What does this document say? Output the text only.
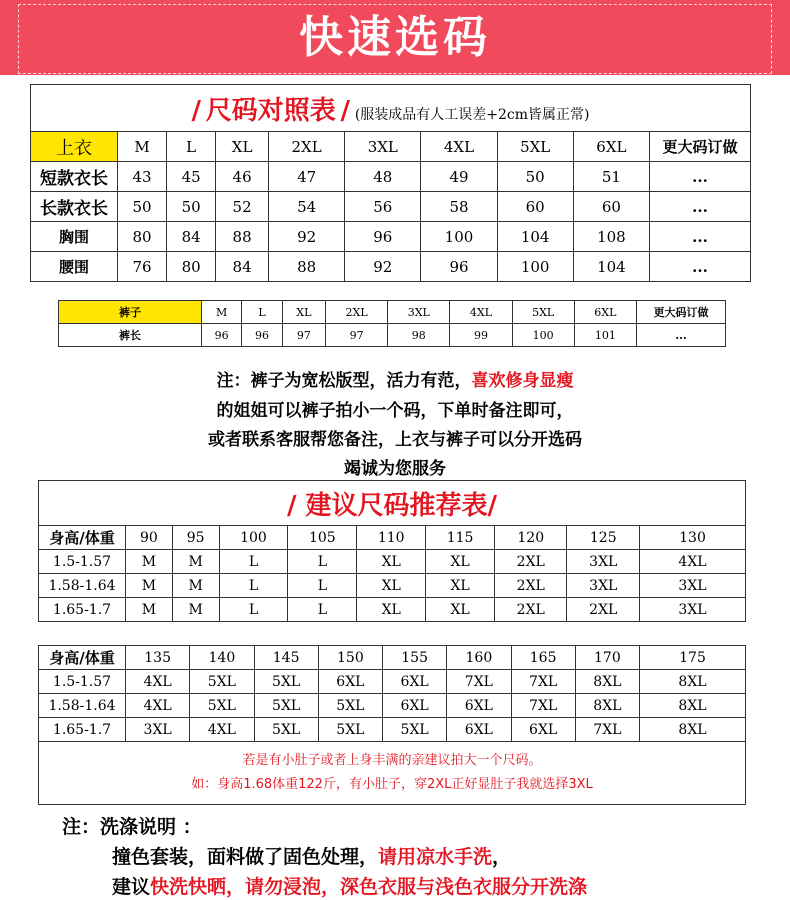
快速选码
/ 尺码对照表 / (服装成品有人工误差+2cm皆属正常)									
上衣	M	L	XL	2XL	3XL	4XL	5XL	6XL	更大码订做
短款衣长	43	45	46	47	48	49	50	51	...
长款衣长	50	50	52	54	56	58	60	60	...
胸围	80	84	88	92	96	100	104	108	...
腰围	76	80	84	88	92	96	100	104	...
裤子	M	L	XL	2XL	3XL	4XL	5XL	6XL	更大码订做
裤长	96	96	97	97	98	99	100	101	...
注：裤子为宽松版型，活力有范，喜欢修身显瘦
的姐姐可以裤子拍小一个码，下单时备注即可，
或者联系客服帮您备注，上衣与裤子可以分开选码
竭诚为您服务
/ 建议尺码推荐表/									
身高/体重	90	95	100	105	110	115	120	125	130
1.5-1.57	M	M	L	L	XL	XL	2XL	3XL	4XL
1.58-1.64	M	M	L	L	XL	XL	2XL	3XL	3XL
1.65-1.7	M	M	L	L	XL	XL	2XL	2XL	3XL
身高/体重	135	140	145	150	155	160	165	170	175
1.5-1.57	4XL	5XL	5XL	6XL	6XL	7XL	7XL	8XL	8XL
1.58-1.64	4XL	5XL	5XL	5XL	6XL	6XL	7XL	8XL	8XL
1.65-1.7	3XL	4XL	5XL	5XL	5XL	6XL	6XL	7XL	8XL

若是有小肚子或者上身丰满的亲建议拍大一个尺码。
如：身高1.68体重122斤，有小肚子，穿2XL正好显肚子我就选择3XL									
注：洗涤说明 ：
撞色套装，面料做了固色处理，请用凉水手洗，
建议快洗快晒，请勿浸泡，深色衣服与浅色衣服分开洗涤
